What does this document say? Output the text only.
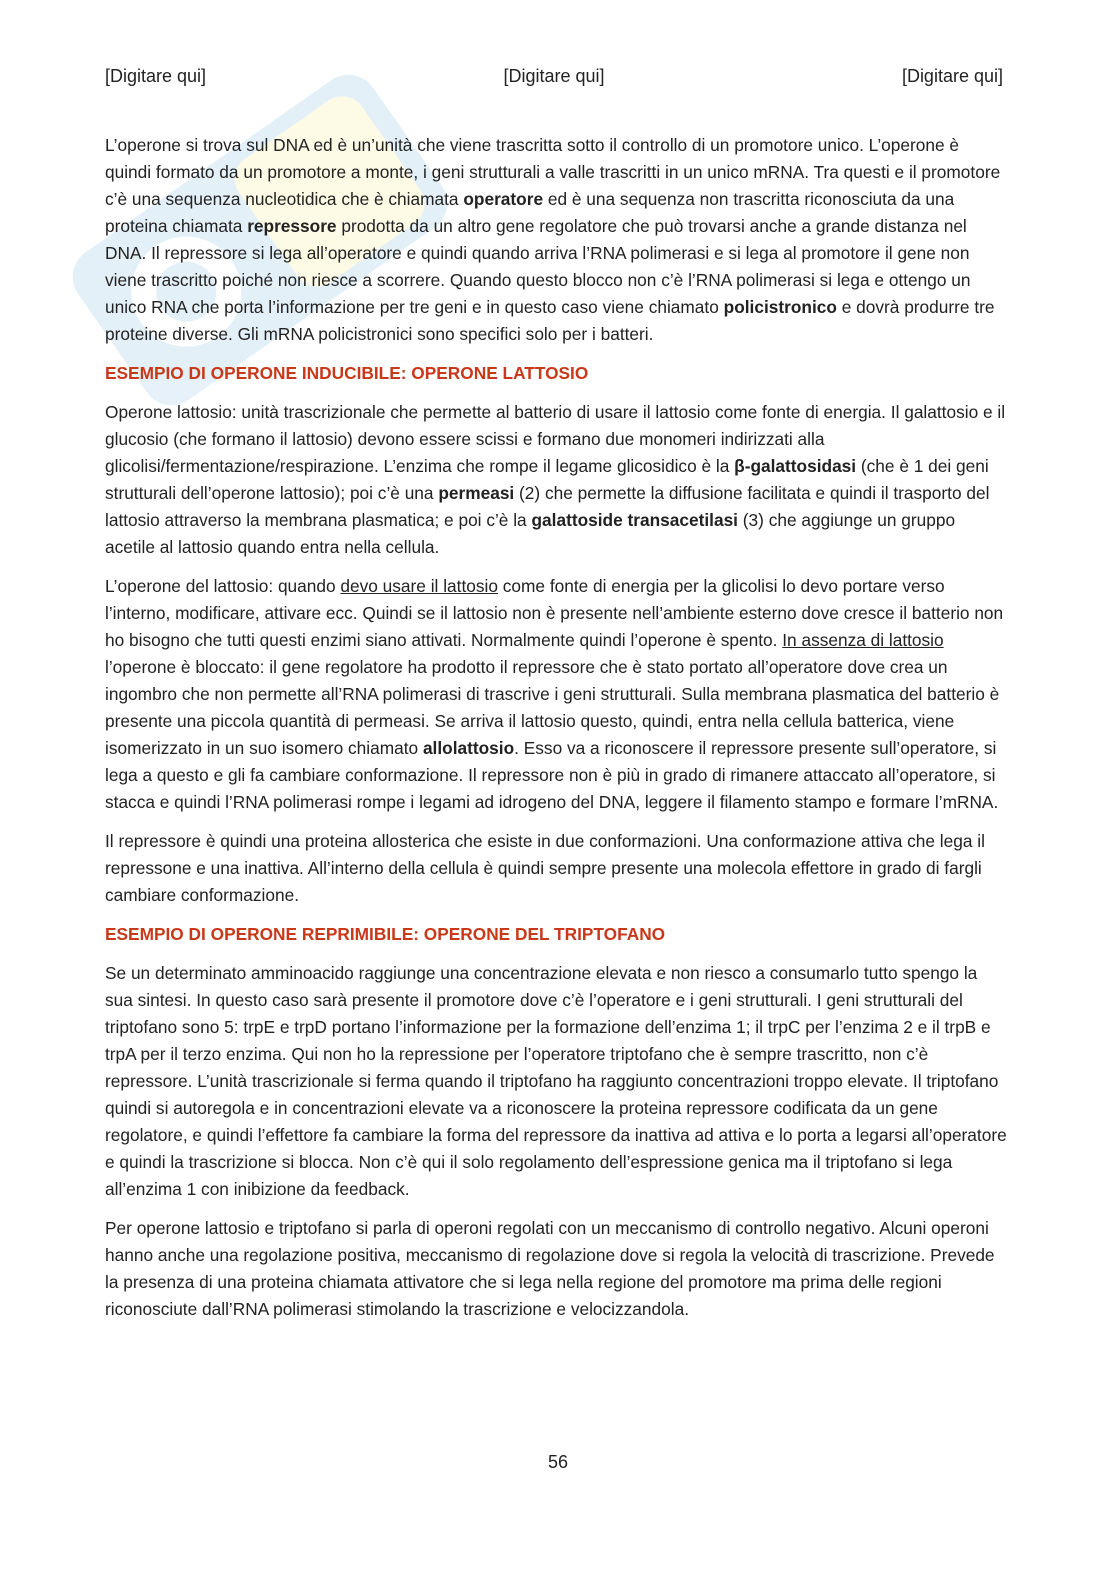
[Digitare qui]	[Digitare qui]	[Digitare qui]

L’operone si trova sul DNA ed è un’unità che viene trascritta sotto il controllo di un promotore unico. L’operone è quindi formato da un promotore a monte, i geni strutturali a valle trascritti in un unico mRNA. Tra questi e il promotore c’è una sequenza nucleotidica che è chiamata operatore ed è una sequenza non trascritta riconosciuta da una proteina chiamata repressore prodotta da un altro gene regolatore che può trovarsi anche a grande distanza nel DNA. Il repressore si lega all’operatore e quindi quando arriva l’RNA polimerasi e si lega al promotore il gene non viene trascritto poiché non riesce a scorrere. Quando questo blocco non c’è l’RNA polimerasi si lega e ottengo un unico RNA che porta l’informazione per tre geni e in questo caso viene chiamato policistronico e dovrà produrre tre proteine diverse. Gli mRNA policistronici sono specifici solo per i batteri.

ESEMPIO DI OPERONE INDUCIBILE: OPERONE LATTOSIO

Operone lattosio: unità trascrizionale che permette al batterio di usare il lattosio come fonte di energia. Il galattosio e il glucosio (che formano il lattosio) devono essere scissi e formano due monomeri indirizzati alla glicolisi/fermentazione/respirazione. L’enzima che rompe il legame glicosidico è la β-galattosidasi (che è 1 dei geni strutturali dell’operone lattosio); poi c’è una permeasi (2) che permette la diffusione facilitata e quindi il trasporto del lattosio attraverso la membrana plasmatica; e poi c’è la galattoside transacetilasi (3) che aggiunge un gruppo acetile al lattosio quando entra nella cellula.

L’operone del lattosio: quando devo usare il lattosio come fonte di energia per la glicolisi lo devo portare verso l’interno, modificare, attivare ecc. Quindi se il lattosio non è presente nell’ambiente esterno dove cresce il batterio non ho bisogno che tutti questi enzimi siano attivati. Normalmente quindi l’operone è spento. In assenza di lattosio l’operone è bloccato: il gene regolatore ha prodotto il repressore che è stato portato all’operatore dove crea un ingombro che non permette all’RNA polimerasi di trascrive i geni strutturali. Sulla membrana plasmatica del batterio è presente una piccola quantità di permeasi. Se arriva il lattosio questo, quindi, entra nella cellula batterica, viene isomerizzato in un suo isomero chiamato allolattosio. Esso va a riconoscere il repressore presente sull’operatore, si lega a questo e gli fa cambiare conformazione. Il repressore non è più in grado di rimanere attaccato all’operatore, si stacca e quindi l’RNA polimerasi rompe i legami ad idrogeno del DNA, leggere il filamento stampo e formare l’mRNA.

Il repressore è quindi una proteina allosterica che esiste in due conformazioni. Una conformazione attiva che lega il repressone e una inattiva. All’interno della cellula è quindi sempre presente una molecola effettore in grado di fargli cambiare conformazione.

ESEMPIO DI OPERONE REPRIMIBILE: OPERONE DEL TRIPTOFANO

Se un determinato amminoacido raggiunge una concentrazione elevata e non riesco a consumarlo tutto spengo la sua sintesi. In questo caso sarà presente il promotore dove c’è l’operatore e i geni strutturali. I geni strutturali del triptofano sono 5: trpE e trpD portano l’informazione per la formazione dell’enzima 1; il trpC per l’enzima 2 e il trpB e trpA per il terzo enzima. Qui non ho la repressione per l’operatore triptofano che è sempre trascritto, non c’è repressore. L’unità trascrizionale si ferma quando il triptofano ha raggiunto concentrazioni troppo elevate. Il triptofano quindi si autoregola e in concentrazioni elevate va a riconoscere la proteina repressore codificata da un gene regolatore, e quindi l’effettore fa cambiare la forma del repressore da inattiva ad attiva e lo porta a legarsi all’operatore e quindi la trascrizione si blocca. Non c’è qui il solo regolamento dell’espressione genica ma il triptofano si lega all’enzima 1 con inibizione da feedback.

Per operone lattosio e triptofano si parla di operoni regolati con un meccanismo di controllo negativo. Alcuni operoni hanno anche una regolazione positiva, meccanismo di regolazione dove si regola la velocità di trascrizione. Prevede la presenza di una proteina chiamata attivatore che si lega nella regione del promotore ma prima delle regioni riconosciute dall’RNA polimerasi stimolando la trascrizione e velocizzandola.

56
